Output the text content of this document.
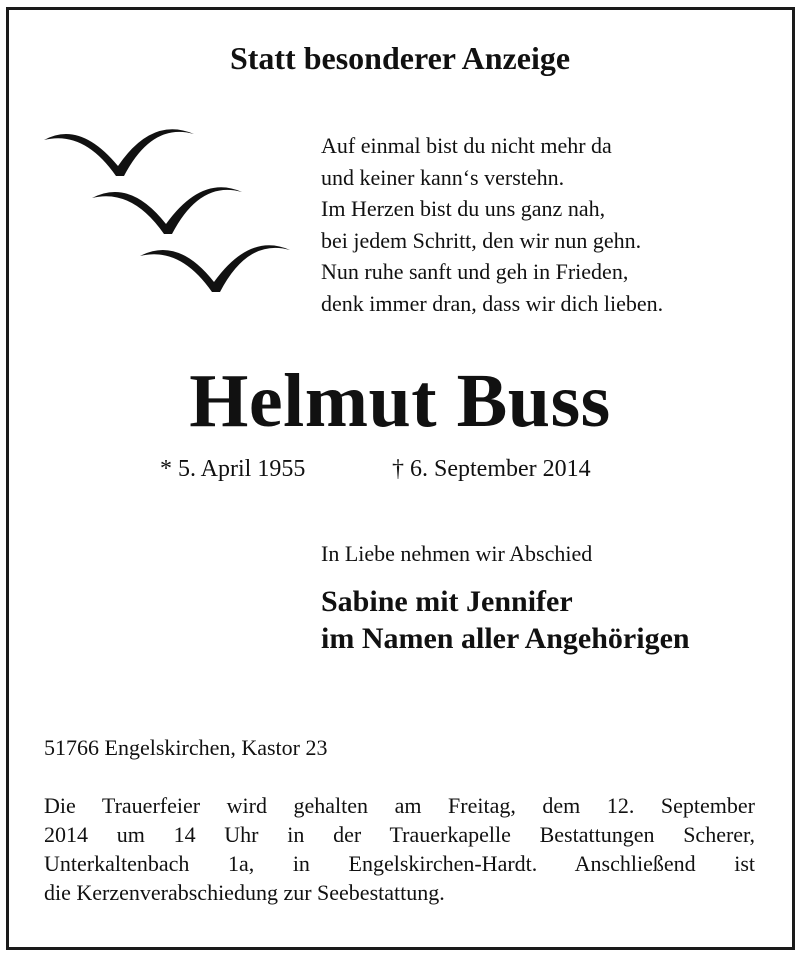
Statt besonderer Anzeige
Auf einmal bist du nicht mehr da
und keiner kann‘s verstehn.
Im Herzen bist du uns ganz nah,
bei jedem Schritt, den wir nun gehn.
Nun ruhe sanft und geh in Frieden,
denk immer dran, dass wir dich lieben.
Helmut Buss
* 5. April 1955	† 6. September 2014
In Liebe nehmen wir Abschied
Sabine mit Jennifer
im Namen aller Angehörigen
51766 Engelskirchen, Kastor 23
Die Trauerfeier wird gehalten am Freitag, dem 12. September
2014 um 14 Uhr in der Trauerkapelle Bestattungen Scherer,
Unterkaltenbach 1a, in Engelskirchen-Hardt. Anschließend ist
die Kerzenverabschiedung zur Seebestattung.
